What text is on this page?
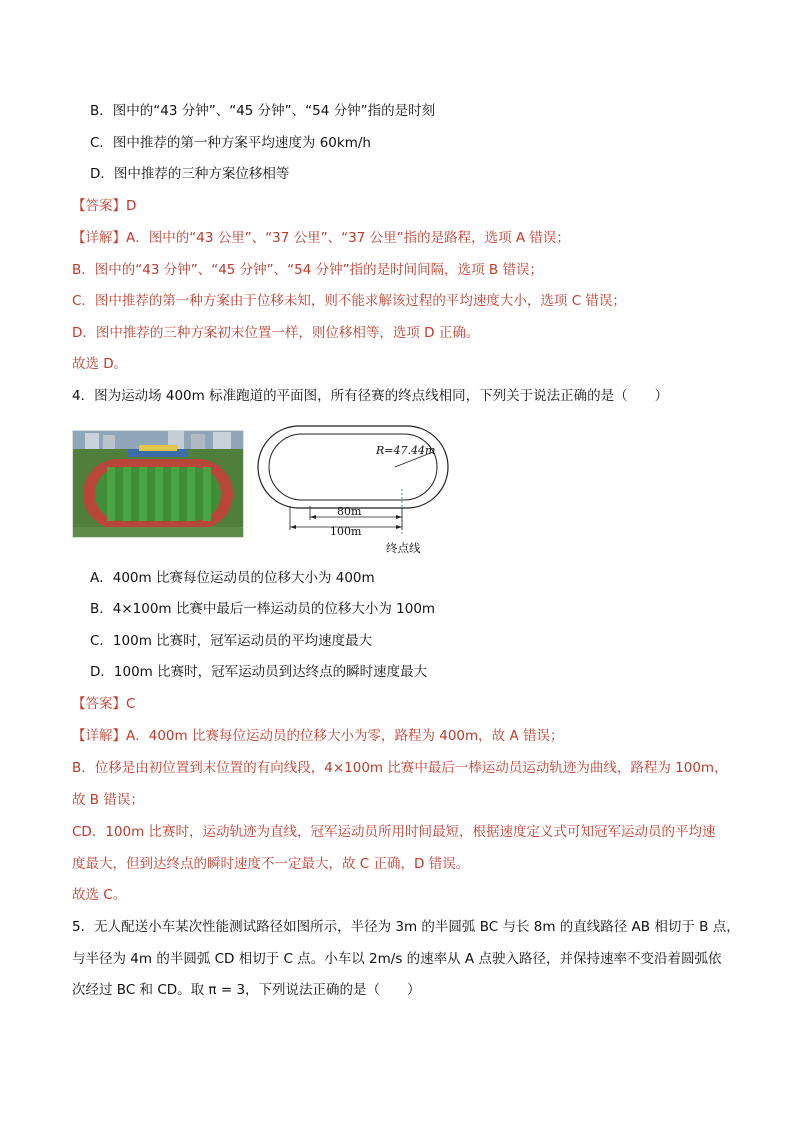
B．图中的“43 分钟”、“45 分钟”、“54 分钟”指的是时刻
C．图中推荐的第一种方案平均速度为 60km/h
D．图中推荐的三种方案位移相等
【答案】D
【详解】A．图中的“43 公里”、“37 公里”、“37 公里”指的是路程，选项 A 错误；
B．图中的“43 分钟”、“45 分钟”、“54 分钟”指的是时间间隔，选项 B 错误；
C．图中推荐的第一种方案由于位移未知，则不能求解该过程的平均速度大小，选项 C 错误；
D．图中推荐的三种方案初末位置一样，则位移相等，选项 D 正确。
故选 D。
4．图为运动场 400m 标准跑道的平面图，所有径赛的终点线相同，下列关于说法正确的是（　　）
R=47.44m
80m
100m
终点线
A．400m 比赛每位运动员的位移大小为 400m
B．4×100m 比赛中最后一棒运动员的位移大小为 100m
C．100m 比赛时，冠军运动员的平均速度最大
D．100m 比赛时，冠军运动员到达终点的瞬时速度最大
【答案】C
【详解】A．400m 比赛每位运动员的位移大小为零，路程为 400m，故 A 错误；
B．位移是由初位置到末位置的有向线段，4×100m 比赛中最后一棒运动员运动轨迹为曲线，路程为 100m，
故 B 错误；
CD．100m 比赛时，运动轨迹为直线，冠军运动员所用时间最短，根据速度定义式可知冠军运动员的平均速
度最大，但到达终点的瞬时速度不一定最大，故 C 正确，D 错误。
故选 C。
5．无人配送小车某次性能测试路径如图所示，半径为 3m 的半圆弧 BC 与长 8m 的直线路径 AB 相切于 B 点，
与半径为 4m 的半圆弧 CD 相切于 C 点。小车以 2m/s 的速率从 A 点驶入路径，并保持速率不变沿着圆弧依
次经过 BC 和 CD。取 π = 3，下列说法正确的是（　　）
